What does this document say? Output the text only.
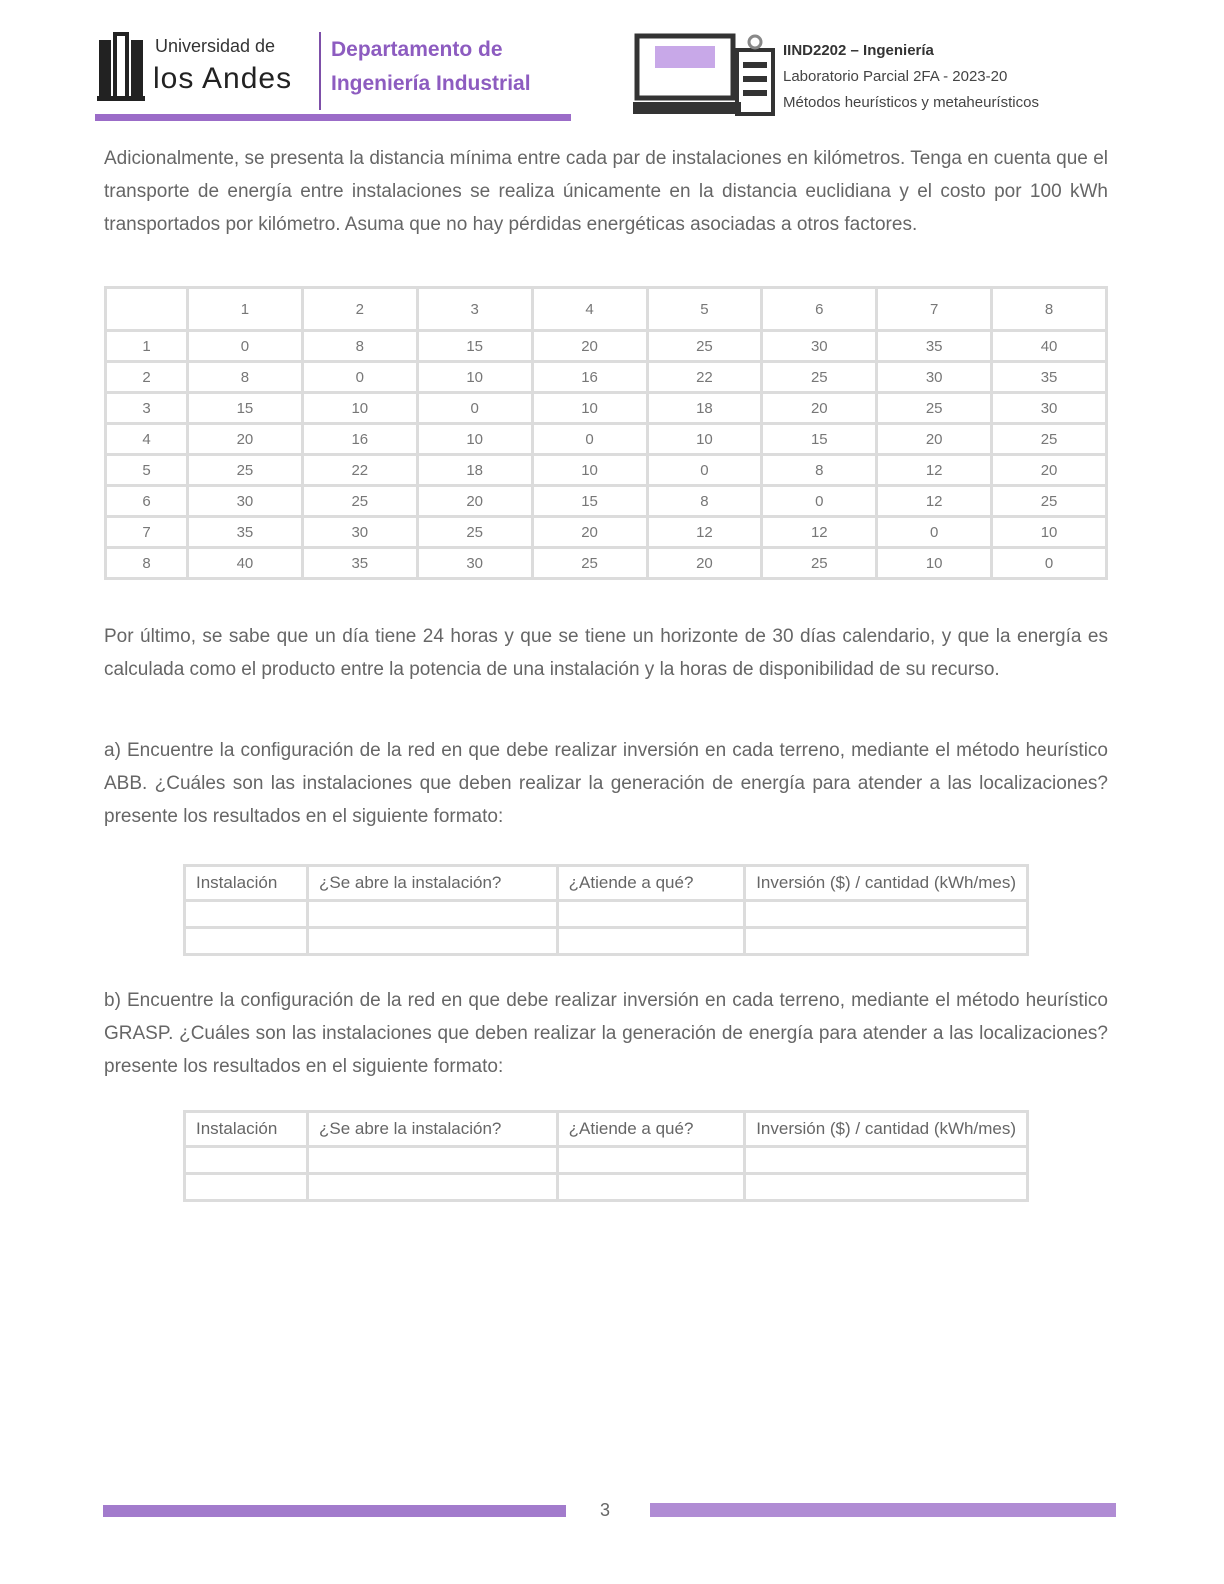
Universidad de
los Andes
Departamento de
Ingeniería Industrial
IIND2202 – Ingeniería
Laboratorio Parcial 2FA - 2023-20
Métodos heurísticos y metaheurísticos
Adicionalmente, se presenta la distancia mínima entre cada par de instalaciones en kilómetros. Tenga en cuenta que el transporte de energía entre instalaciones se realiza únicamente en la distancia euclidiana y el costo por 100 kWh transportados por kilómetro. Asuma que no hay pérdidas energéticas asociadas a otros factores.
	1	2	3	4	5	6	7	8
1	0	8	15	20	25	30	35	40
2	8	0	10	16	22	25	30	35
3	15	10	0	10	18	20	25	30
4	20	16	10	0	10	15	20	25
5	25	22	18	10	0	8	12	20
6	30	25	20	15	8	0	12	25
7	35	30	25	20	12	12	0	10
8	40	35	30	25	20	25	10	0
Por último, se sabe que un día tiene 24 horas y que se tiene un horizonte de 30 días calendario, y que la energía es calculada como el producto entre la potencia de una instalación y la horas de disponibilidad de su recurso.
a) Encuentre la configuración de la red en que debe realizar inversión en cada terreno, mediante el método heurístico ABB. ¿Cuáles son las instalaciones que deben realizar la generación de energía para atender a las localizaciones? presente los resultados en el siguiente formato:
Instalación	¿Se abre la instalación?	¿Atiende a qué?	Inversión ($) / cantidad (kWh/mes)

b) Encuentre la configuración de la red en que debe realizar inversión en cada terreno, mediante el método heurístico GRASP. ¿Cuáles son las instalaciones que deben realizar la generación de energía para atender a las localizaciones? presente los resultados en el siguiente formato:
Instalación	¿Se abre la instalación?	¿Atiende a qué?	Inversión ($) / cantidad (kWh/mes)

3
